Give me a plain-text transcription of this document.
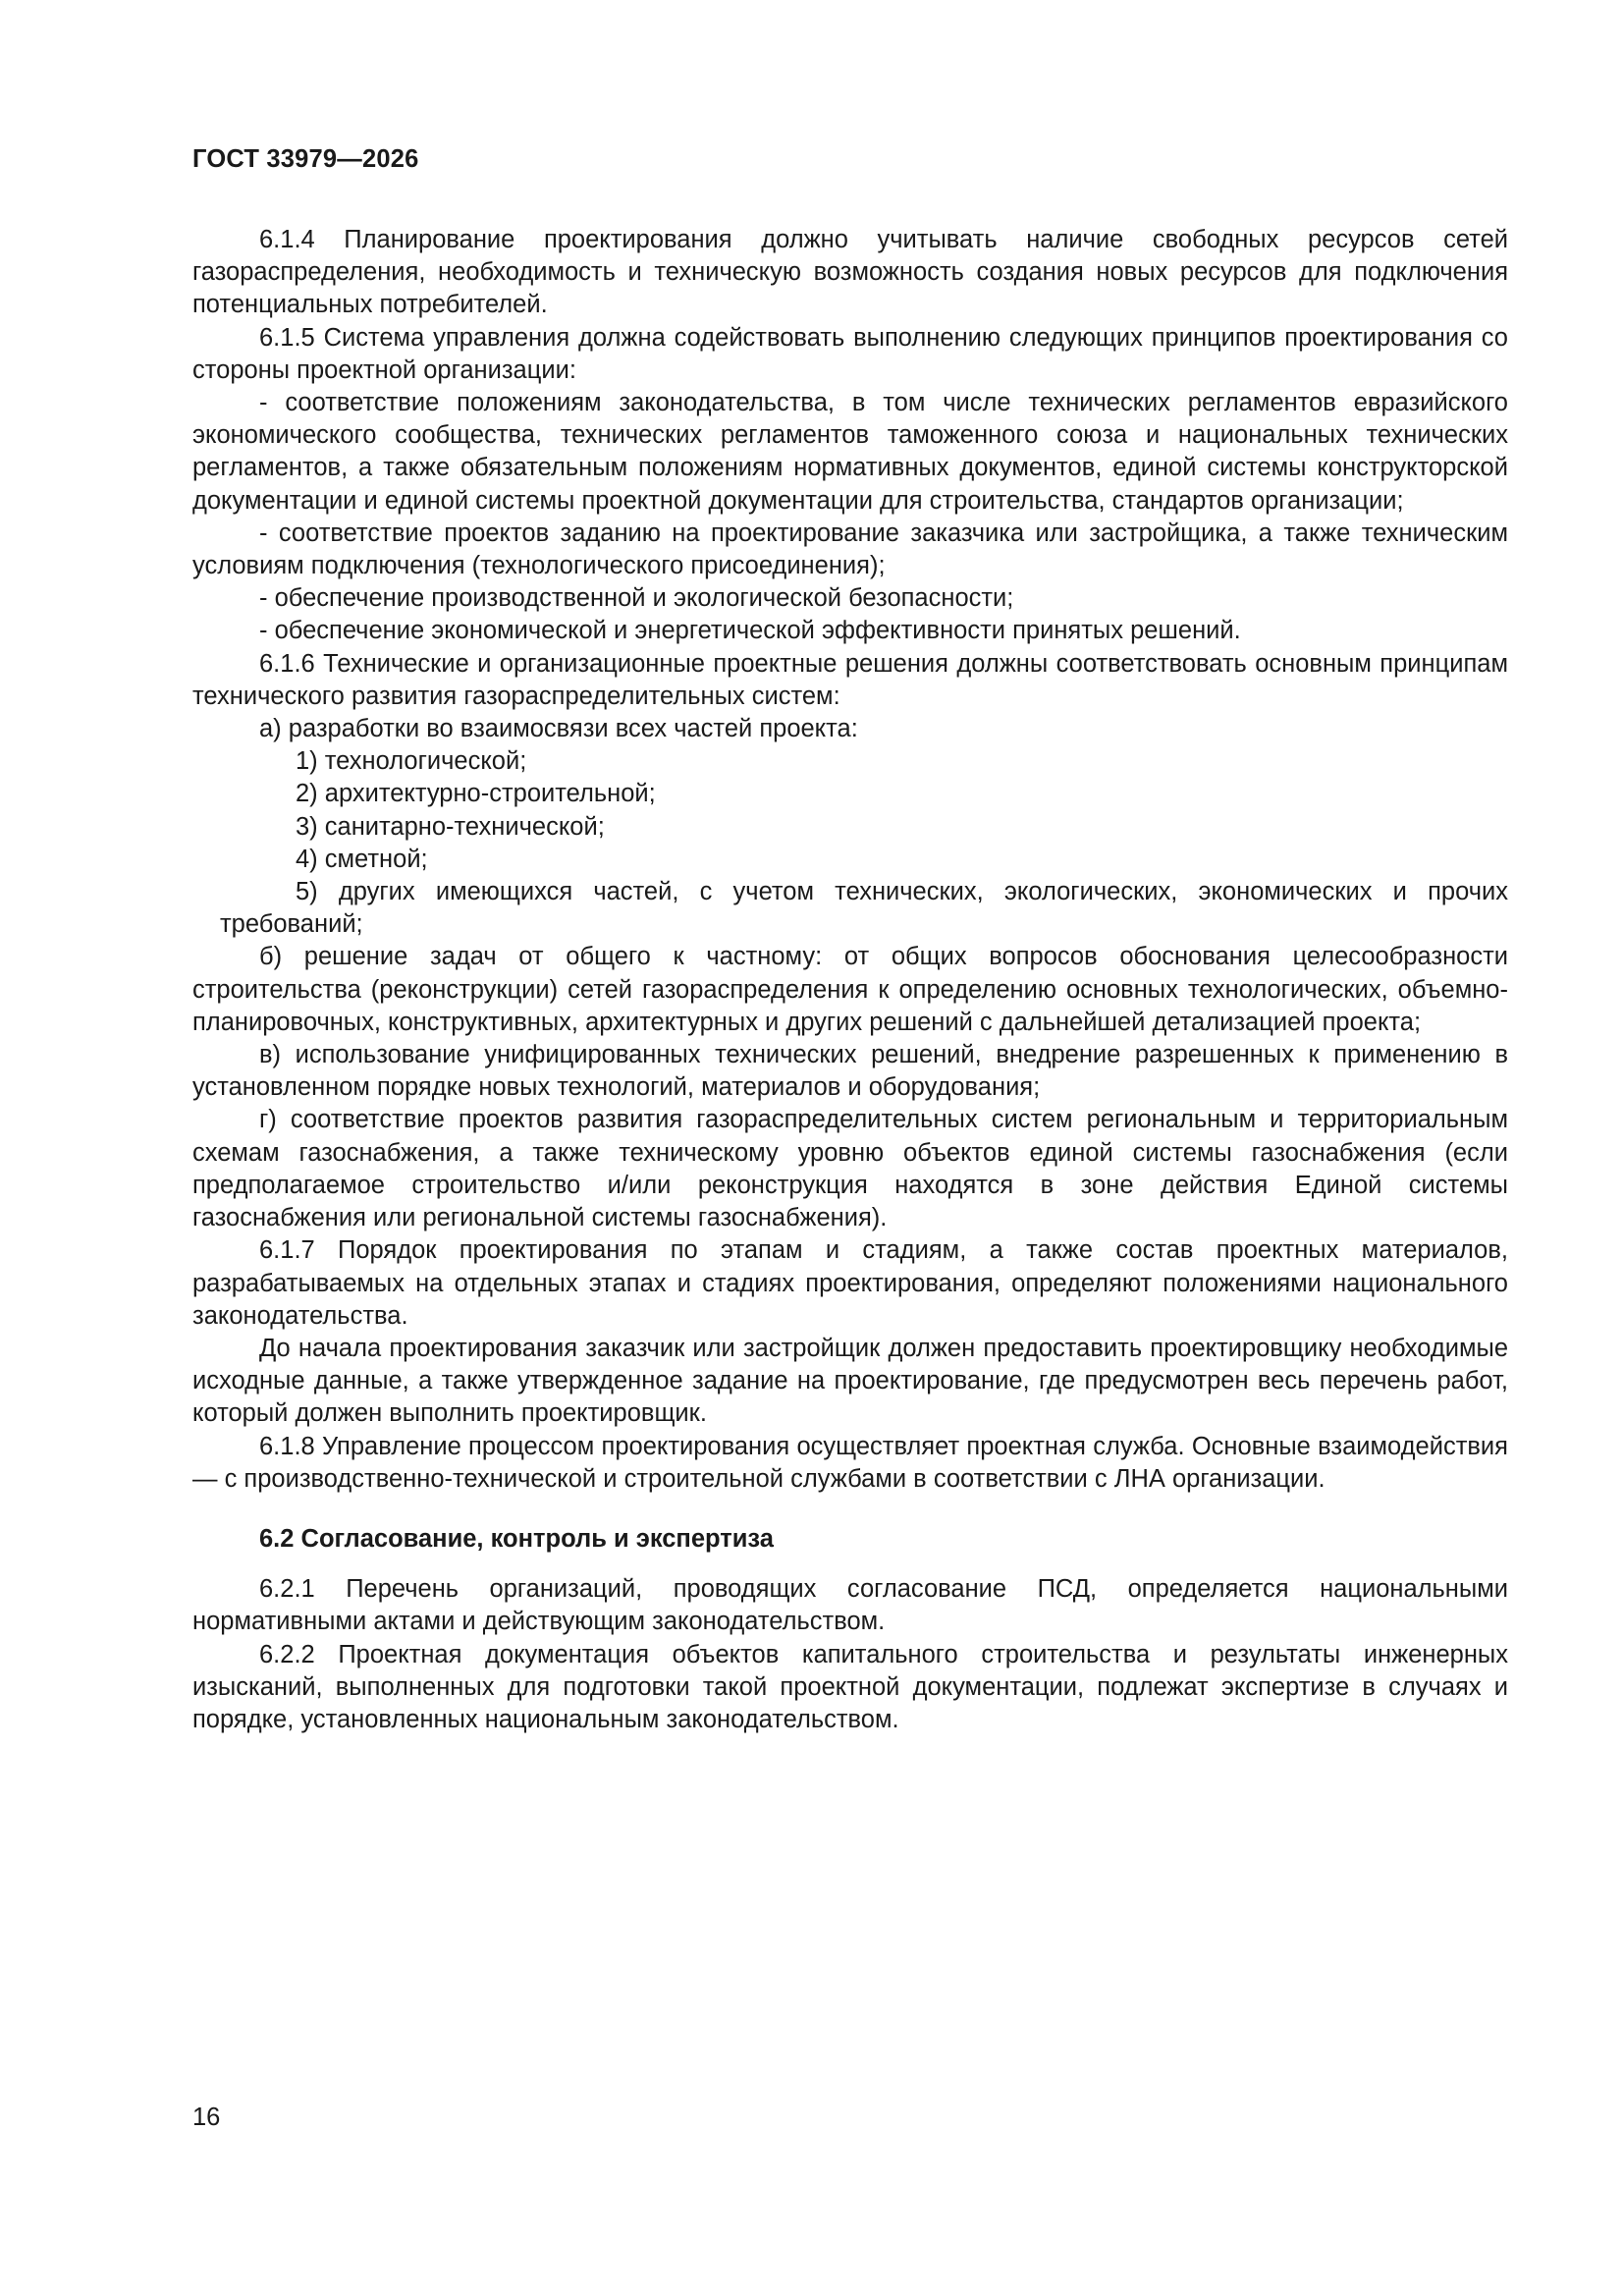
ГОСТ 33979—2026

6.1.4 Планирование проектирования должно учитывать наличие свободных ресурсов сетей газораспределения, необходимость и техническую возможность создания новых ресурсов для подключения потенциальных потребителей.

6.1.5 Система управления должна содействовать выполнению следующих принципов проектирования со стороны проектной организации:

- соответствие положениям законодательства, в том числе технических регламентов евразийского экономического сообщества, технических регламентов таможенного союза и национальных технических регламентов, а также обязательным положениям нормативных документов, единой системы конструкторской документации и единой системы проектной документации для строительства, стандартов организации;

- соответствие проектов заданию на проектирование заказчика или застройщика, а также техническим условиям подключения (технологического присоединения);

- обеспечение производственной и экологической безопасности;

- обеспечение экономической и энергетической эффективности принятых решений.

6.1.6 Технические и организационные проектные решения должны соответствовать основным принципам технического развития газораспределительных систем:

а) разработки во взаимосвязи всех частей проекта:

1) технологической;

2) архитектурно-строительной;

3) санитарно-технической;

4) сметной;

5) других имеющихся частей, с учетом технических, экологических, экономических и прочих требований;

б) решение задач от общего к частному: от общих вопросов обоснования целесообразности строительства (реконструкции) сетей газораспределения к определению основных технологических, объемно-планировочных, конструктивных, архитектурных и других решений с дальнейшей детализацией проекта;

в) использование унифицированных технических решений, внедрение разрешенных к применению в установленном порядке новых технологий, материалов и оборудования;

г) соответствие проектов развития газораспределительных систем региональным и территориальным схемам газоснабжения, а также техническому уровню объектов единой системы газоснабжения (если предполагаемое строительство и/или реконструкция находятся в зоне действия Единой системы газоснабжения или региональной системы газоснабжения).

6.1.7 Порядок проектирования по этапам и стадиям, а также состав проектных материалов, разрабатываемых на отдельных этапах и стадиях проектирования, определяют положениями национального законодательства.

До начала проектирования заказчик или застройщик должен предоставить проектировщику необходимые исходные данные, а также утвержденное задание на проектирование, где предусмотрен весь перечень работ, который должен выполнить проектировщик.

6.1.8 Управление процессом проектирования осуществляет проектная служба. Основные взаимодействия — с производственно-технической и строительной службами в соответствии с ЛНА организации.

6.2 Согласование, контроль и экспертиза

6.2.1 Перечень организаций, проводящих согласование ПСД, определяется национальными нормативными актами и действующим законодательством.

6.2.2 Проектная документация объектов капитального строительства и результаты инженерных изысканий, выполненных для подготовки такой проектной документации, подлежат экспертизе в случаях и порядке, установленных национальным законодательством.

16
